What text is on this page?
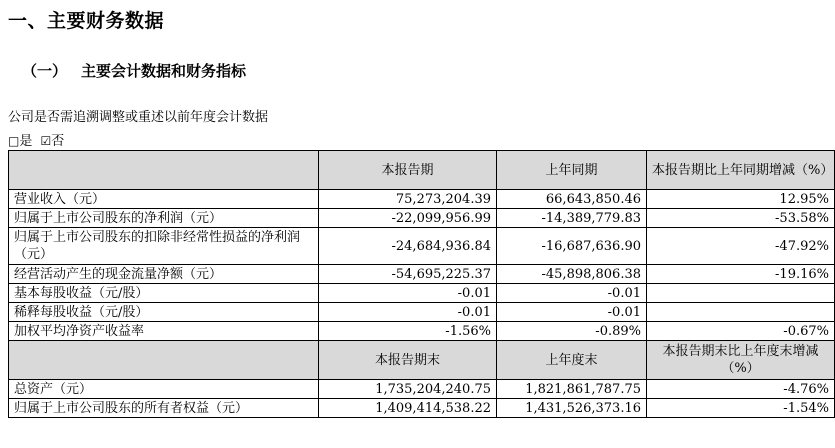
一、主要财务数据
（一） 主要会计数据和财务指标
公司是否需追溯调整或重述以前年度会计数据
□是 ☑否
	本报告期	上年同期	本报告期比上年同期增减（%）
营业收入（元）	75,273,204.39	66,643,850.46	12.95%
归属于上市公司股东的净利润（元）	-22,099,956.99	-14,389,779.83	-53.58%
归属于上市公司股东的扣除非经常性损益的净利润（元）	-24,684,936.84	-16,687,636.90	-47.92%
经营活动产生的现金流量净额（元）	-54,695,225.37	-45,898,806.38	-19.16%
基本每股收益（元/股）	-0.01	-0.01	
稀释每股收益（元/股）	-0.01	-0.01	
加权平均净资产收益率	-1.56%	-0.89%	-0.67%
	本报告期末	上年度末	本报告期末比上年度末增减（%）
总资产（元）	1,735,204,240.75	1,821,861,787.75	-4.76%
归属于上市公司股东的所有者权益（元）	1,409,414,538.22	1,431,526,373.16	-1.54%
